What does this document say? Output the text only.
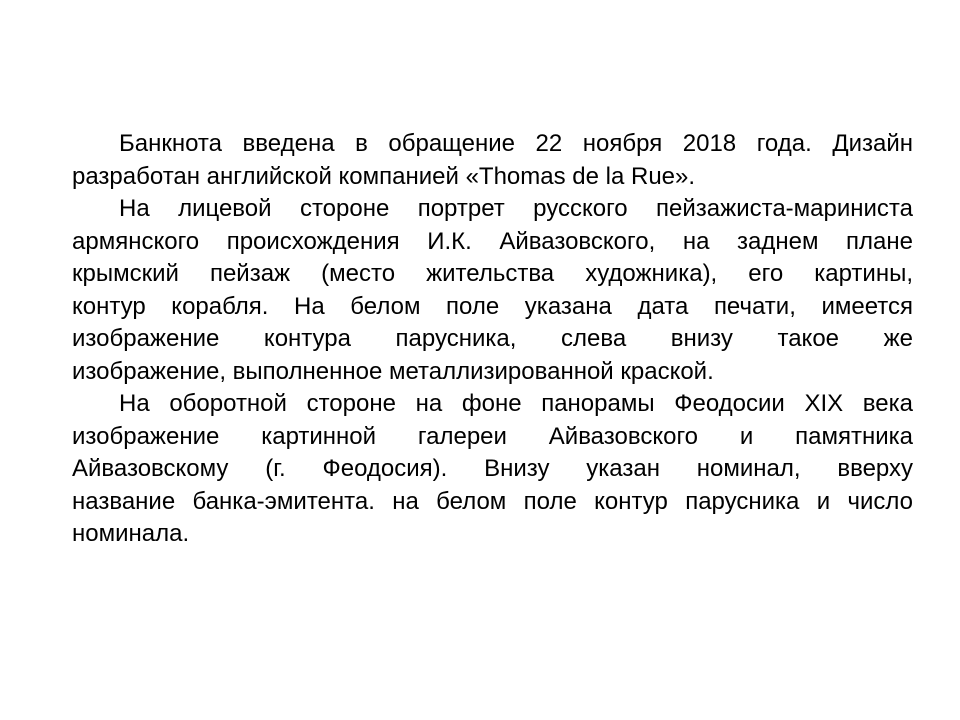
Банкнота введена в обращение 22 ноября 2018 года. Дизайн
разработан английской компанией «Thomas de la Rue».
На лицевой стороне портрет русского пейзажиста-мариниста
армянского происхождения И.К. Айвазовского, на заднем плане
крымский пейзаж (место жительства художника), его картины,
контур корабля. На белом поле указана дата печати, имеется
изображение контура парусника, слева внизу такое же
изображение, выполненное металлизированной краской.
На оборотной стороне на фоне панорамы Феодосии XIX века
изображение картинной галереи Айвазовского и памятника
Айвазовскому (г. Феодосия). Внизу указан номинал, вверху
название банка-эмитента. на белом поле контур парусника и число
номинала.
